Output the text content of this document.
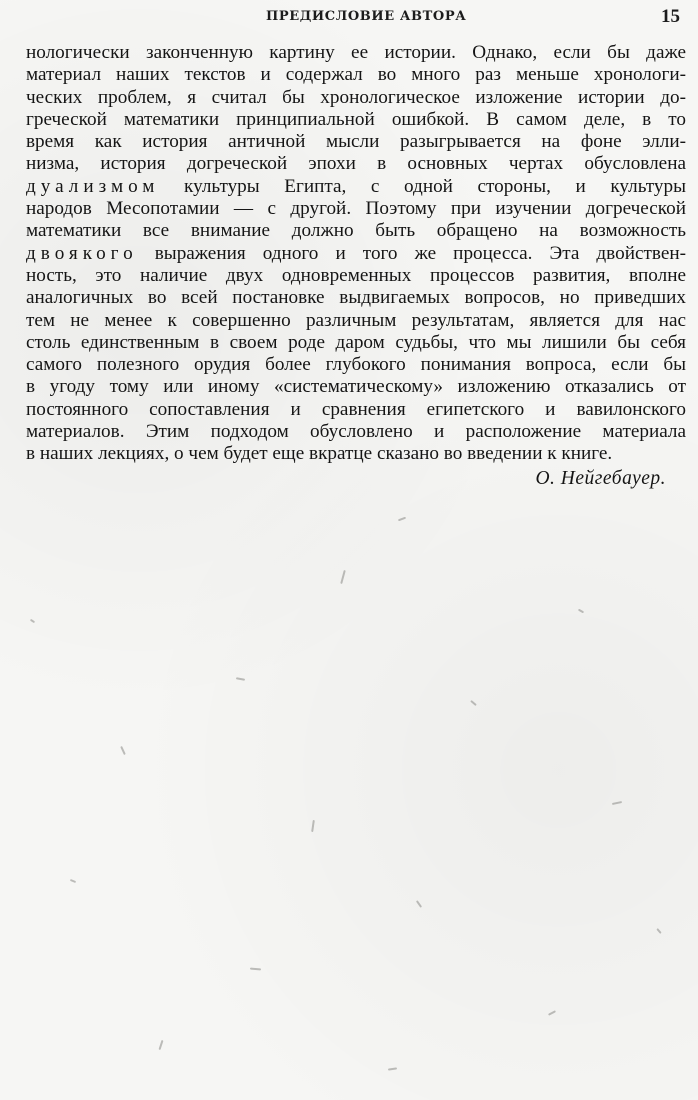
ПРЕДИСЛОВИЕ АВТОРА	15
нологически законченную картину ее истории. Однако, если бы даже
материал наших текстов и содержал во много раз меньше хронологи-
ческих проблем, я считал бы хронологическое изложение истории до-
греческой математики принципиальной ошибкой. В самом деле, в то
время как история античной мысли разыгрывается на фоне элли-
низма, история догреческой эпохи в основных чертах обусловлена
дуализмом культуры Египта, с одной стороны, и культуры
народов Месопотамии — с другой. Поэтому при изучении догреческой
математики все внимание должно быть обращено на возможность
двоякого выражения одного и того же процесса. Эта двойствен-
ность, это наличие двух одновременных процессов развития, вполне
аналогичных во всей постановке выдвигаемых вопросов, но приведших
тем не менее к совершенно различным результатам, является для нас
столь единственным в своем роде даром судьбы, что мы лишили бы себя
самого полезного орудия более глубокого понимания вопроса, если бы
в угоду тому или иному «систематическому» изложению отказались от
постоянного сопоставления и сравнения египетского и вавилонского
материалов. Этим подходом обусловлено и расположение материала
в наших лекциях, о чем будет еще вкратце сказано во введении к книге.
О. Нейгебауер.
